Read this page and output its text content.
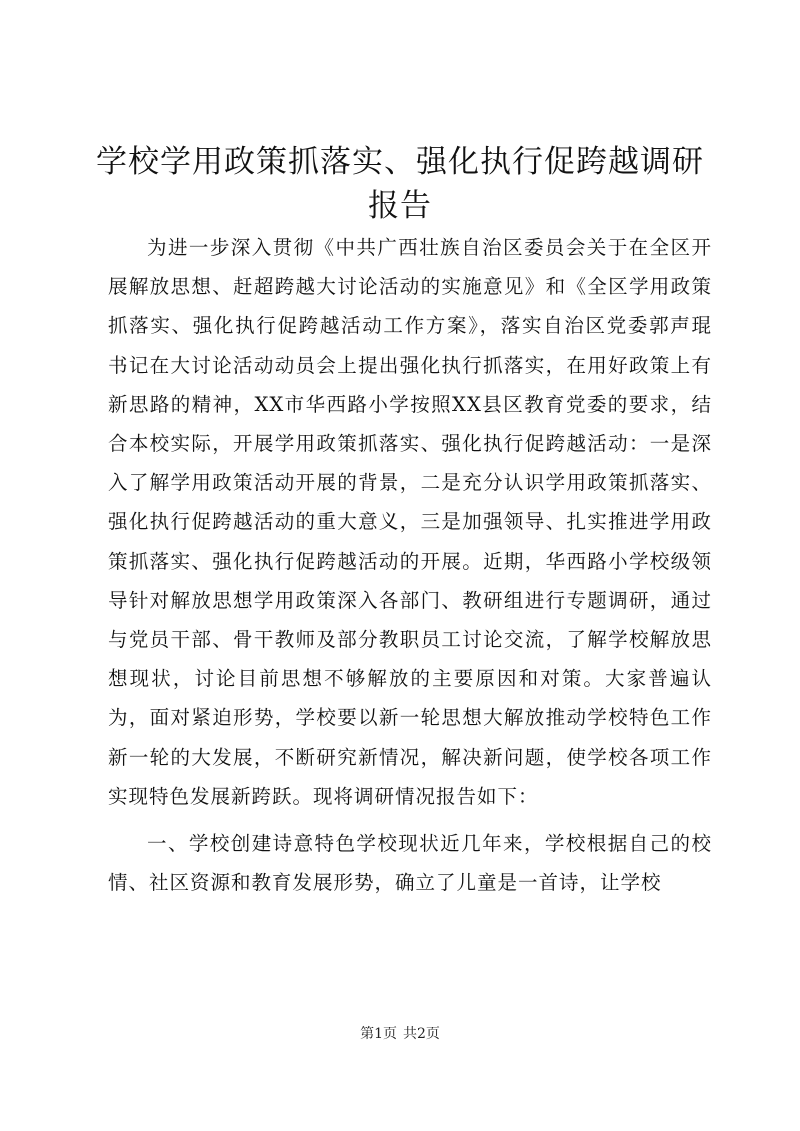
学校学用政策抓落实、强化执行促跨越调研报告

为进一步深入贯彻《中共广西壮族自治区委员会关于在全区开展解放思想、赶超跨越大讨论活动的实施意见》和《全区学用政策抓落实、强化执行促跨越活动工作方案》，落实自治区党委郭声琨书记在大讨论活动动员会上提出强化执行抓落实，在用好政策上有新思路的精神，XX市华西路小学按照XX县区教育党委的要求，结合本校实际，开展学用政策抓落实、强化执行促跨越活动：一是深入了解学用政策活动开展的背景，二是充分认识学用政策抓落实、强化执行促跨越活动的重大意义，三是加强领导、扎实推进学用政策抓落实、强化执行促跨越活动的开展。近期，华西路小学校级领导针对解放思想学用政策深入各部门、教研组进行专题调研，通过与党员干部、骨干教师及部分教职员工讨论交流，了解学校解放思想现状，讨论目前思想不够解放的主要原因和对策。大家普遍认为，面对紧迫形势，学校要以新一轮思想大解放推动学校特色工作新一轮的大发展，不断研究新情况，解决新问题，使学校各项工作实现特色发展新跨跃。现将调研情况报告如下：

一、学校创建诗意特色学校现状近几年来，学校根据自己的校情、社区资源和教育发展形势，确立了儿童是一首诗，让学校

第1页 共2页
